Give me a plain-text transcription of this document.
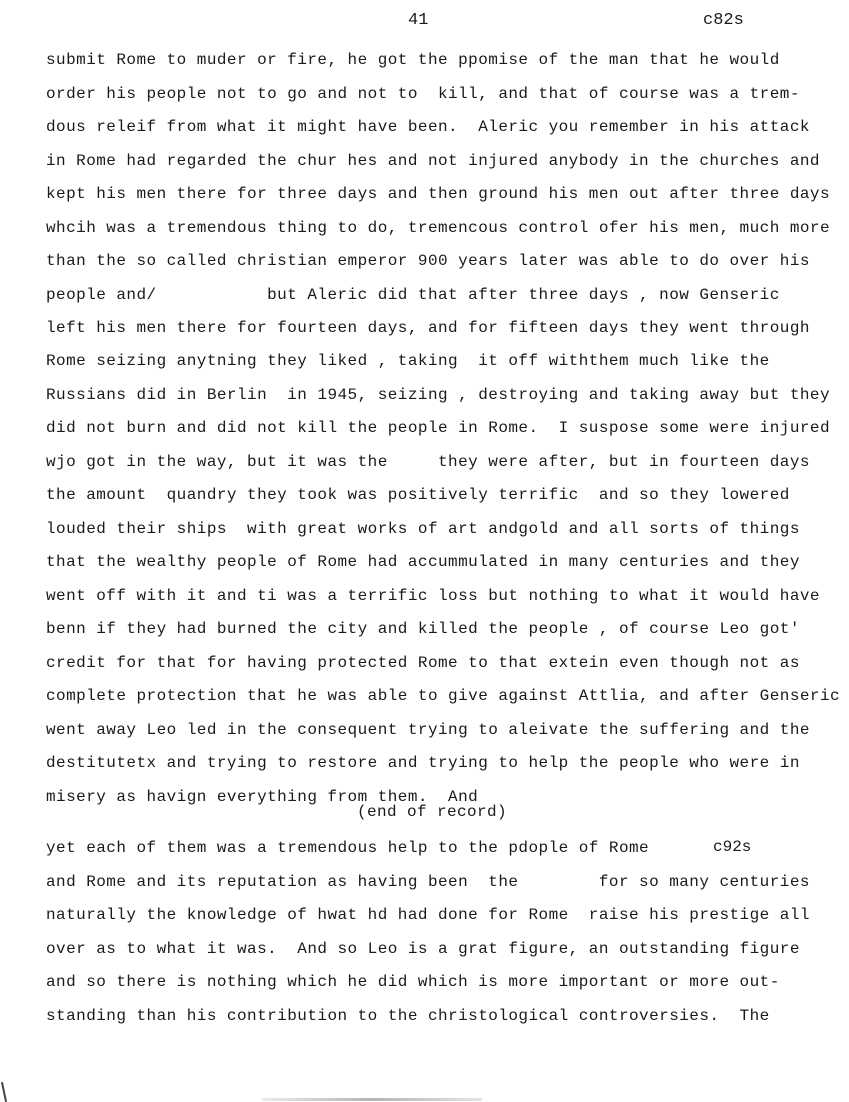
41	c82s
submit Rome to muder or fire, he got the ppomise of the man that he would
order his people not to go and not to  kill, and that of course was a trem-
dous releif from what it might have been.  Aleric you remember in his attack
in Rome had regarded the chur hes and not injured anybody in the churches and
kept his men there for three days and then ground his men out after three days
whcih was a tremendous thing to do, tremencous control ofer his men, much more
than the so called christian emperor 900 years later was able to do over his
people and/           but Aleric did that after three days , now Genseric
left his men there for fourteen days, and for fifteen days they went through
Rome seizing anytning they liked , taking  it off withthem much like the
Russians did in Berlin  in 1945, seizing , destroying and taking away but they
did not burn and did not kill the people in Rome.  I suspose some were injured
wjo got in the way, but it was the     they were after, but in fourteen days
the amount  quandry they took was positively terrific  and so they lowered
louded their ships  with great works of art andgold and all sorts of things
that the wealthy people of Rome had accummulated in many centuries and they
went off with it and ti was a terrific loss but nothing to what it would have
benn if they had burned the city and killed the people , of course Leo got'
credit for that for having protected Rome to that extein even though not as
complete protection that he was able to give against Attlia, and after Genseric
went away Leo led in the consequent trying to aleivate the suffering and the
destitutetx and trying to restore and trying to help the people who were in
misery as havign everything from them.  And
(end of record)
c92s
yet each of them was a tremendous help to the pdople of Rome
and Rome and its reputation as having been  the        for so many centuries
naturally the knowledge of hwat hd had done for Rome  raise his prestige all
over as to what it was.  And so Leo is a grat figure, an outstanding figure
and so there is nothing which he did which is more important or more out-
standing than his contribution to the christological controversies.  The
